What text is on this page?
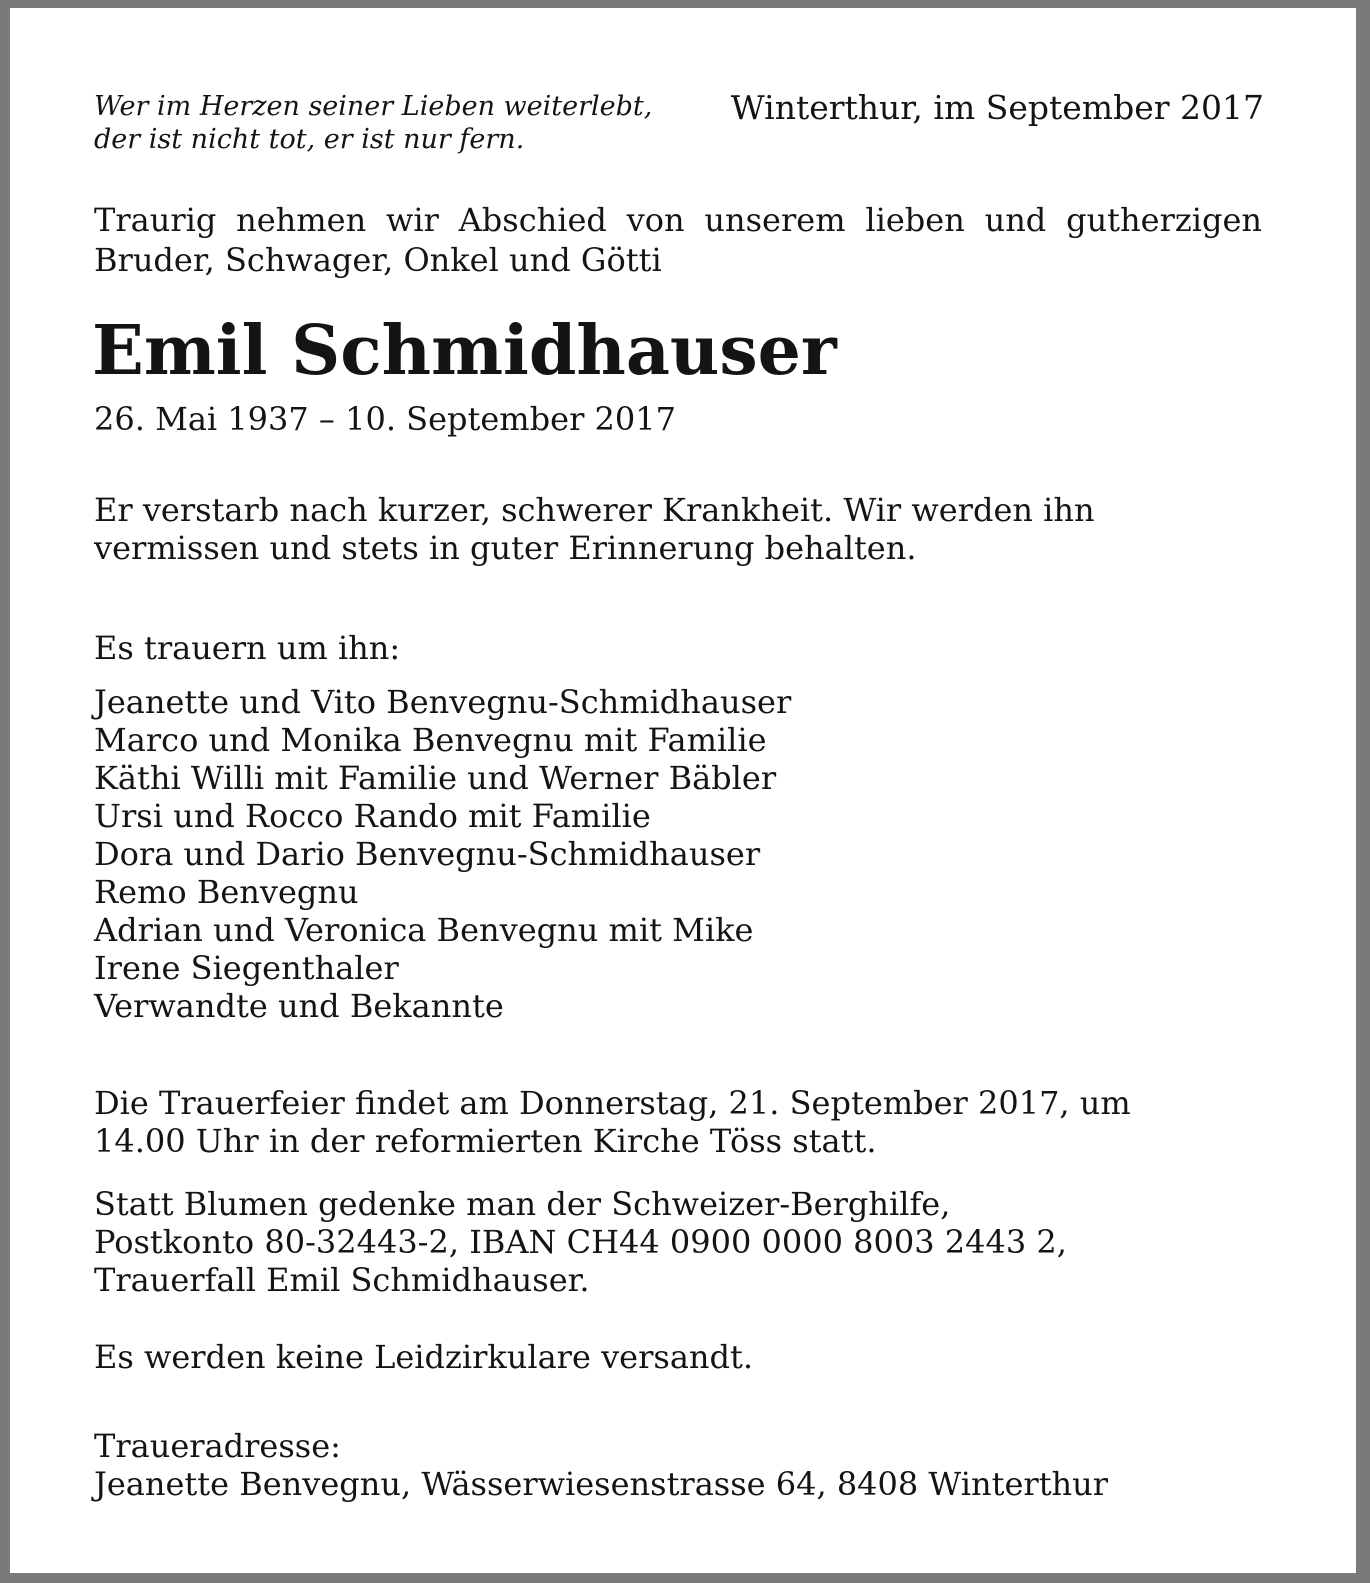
Wer im Herzen seiner Lieben weiterlebt,
der ist nicht tot, er ist nur fern.

Winterthur, im September 2017

Traurig nehmen wir Abschied von unserem lieben und gutherzigen Bruder, Schwager, Onkel und Götti

Emil Schmidhauser

26. Mai 1937 – 10. September 2017

Er verstarb nach kurzer, schwerer Krankheit. Wir werden ihn
vermissen und stets in guter Erinnerung behalten.

Es trauern um ihn:

Jeanette und Vito Benvegnu-Schmidhauser
Marco und Monika Benvegnu mit Familie
Käthi Willi mit Familie und Werner Bäbler
Ursi und Rocco Rando mit Familie
Dora und Dario Benvegnu-Schmidhauser
Remo Benvegnu
Adrian und Veronica Benvegnu mit Mike
Irene Siegenthaler
Verwandte und Bekannte

Die Trauerfeier findet am Donnerstag, 21. September 2017, um
14.00 Uhr in der reformierten Kirche Töss statt.

Statt Blumen gedenke man der Schweizer-Berghilfe,
Postkonto 80-32443-2, IBAN CH44 0900 0000 8003 2443 2,
Trauerfall Emil Schmidhauser.

Es werden keine Leidzirkulare versandt.

Traueradresse:
Jeanette Benvegnu, Wässerwiesenstrasse 64, 8408 Winterthur
